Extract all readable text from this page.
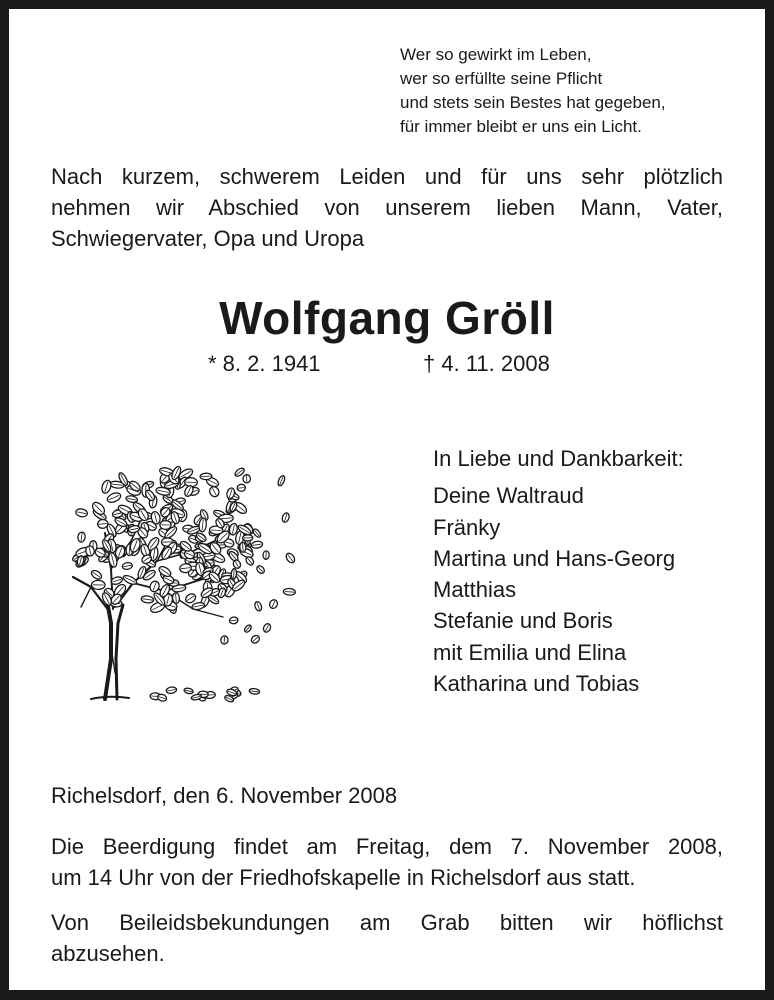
Wer so gewirkt im Leben,
wer so erfüllte seine Pflicht
und stets sein Bestes hat gegeben,
für immer bleibt er uns ein Licht.
Nach kurzem, schwerem Leiden und für uns sehr plötzlich
nehmen wir Abschied von unserem lieben Mann, Vater,
Schwiegervater, Opa und Uropa
Wolfgang Gröll
* 8. 2. 1941	† 4. 11. 2008
In Liebe und Dankbarkeit:
Deine Waltraud
Fränky
Martina und Hans-Georg
Matthias
Stefanie und Boris
mit Emilia und Elina
Katharina und Tobias
Richelsdorf, den 6. November 2008
Die Beerdigung findet am Freitag, dem 7. November 2008,
um 14 Uhr von der Friedhofskapelle in Richelsdorf aus statt.
Von Beileidsbekundungen am Grab bitten wir höflichst
abzusehen.
